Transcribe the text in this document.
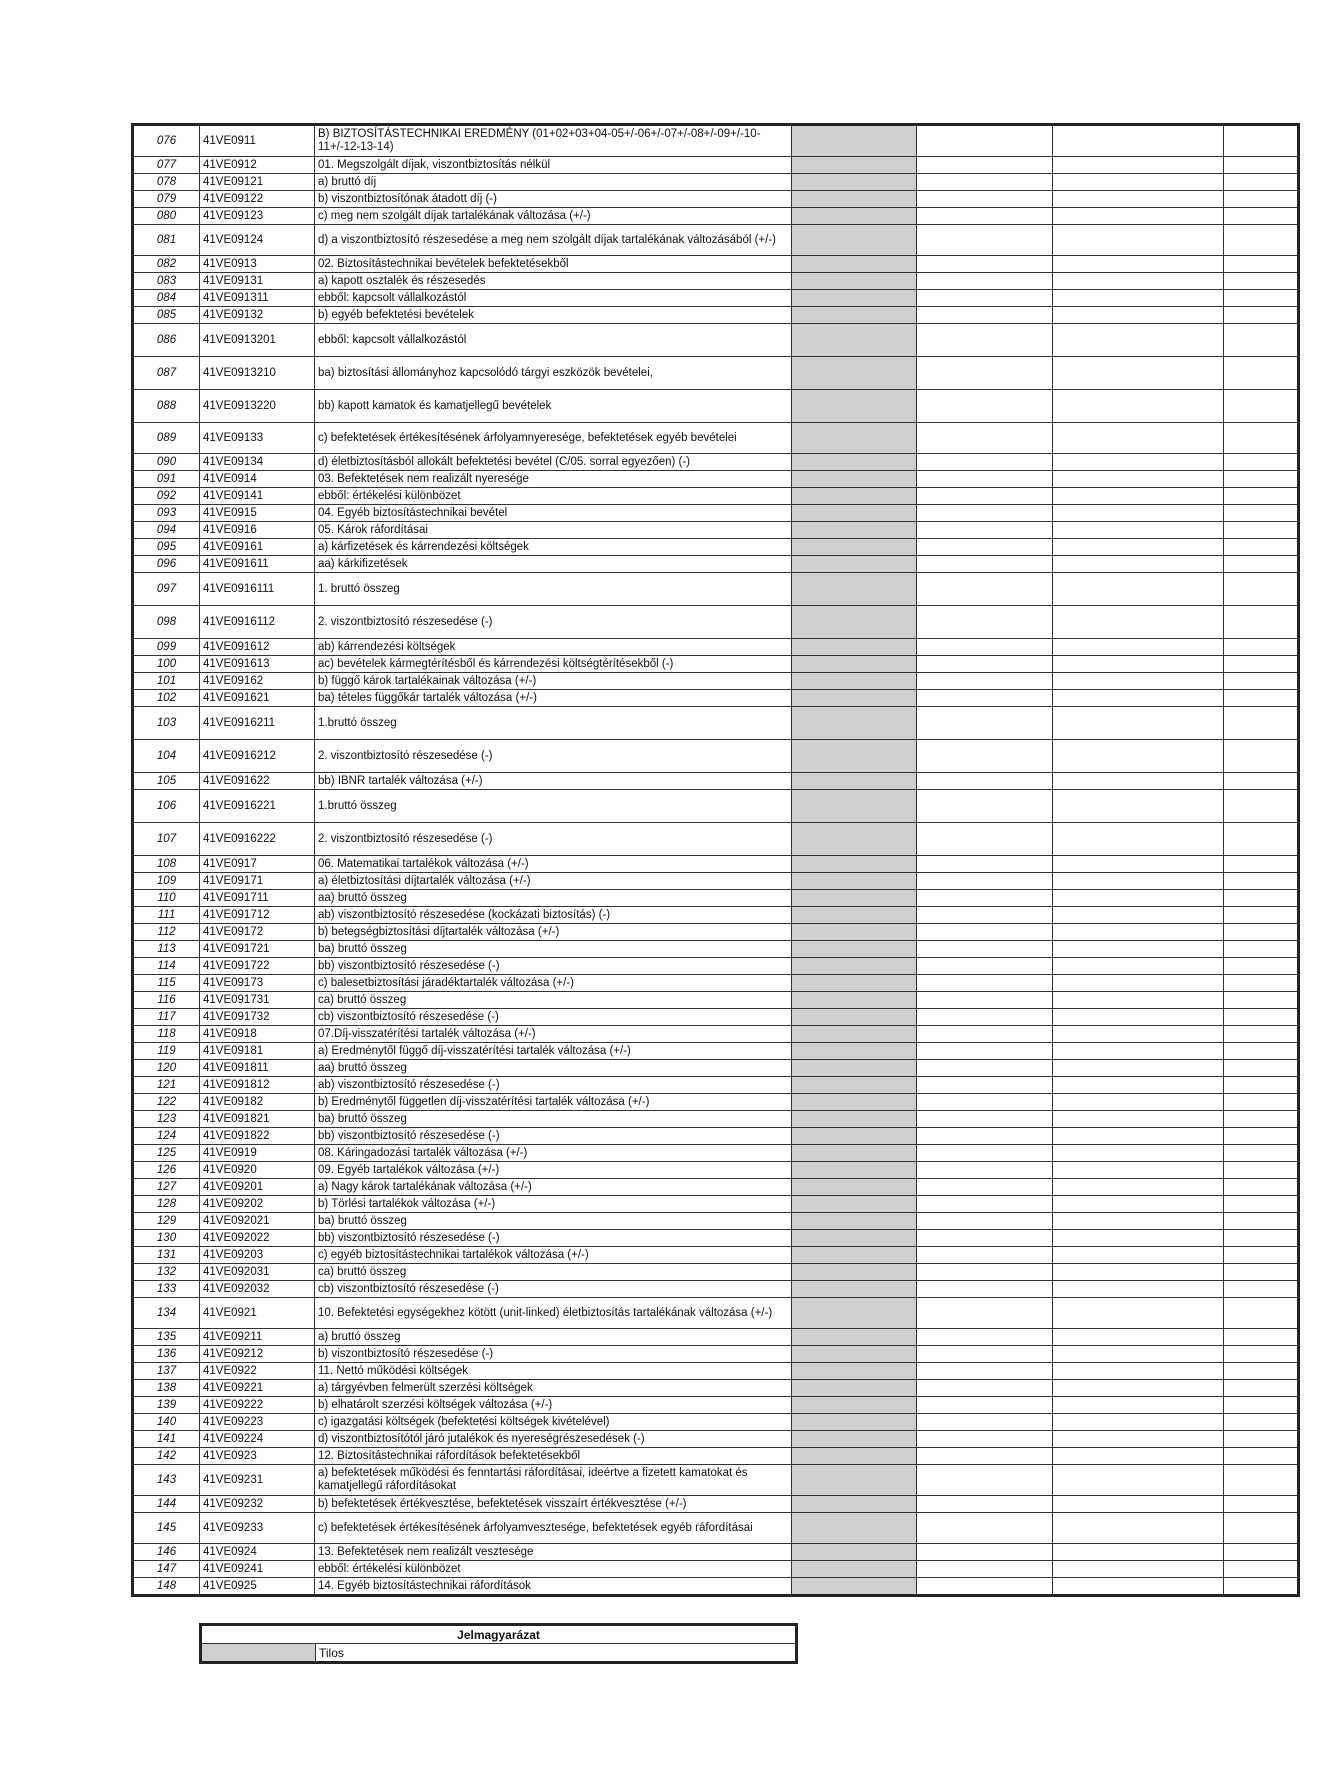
076	41VE0911	B) BIZTOSÍTÁSTECHNIKAI EREDMÉNY (01+02+03+04-05+/-06+/-07+/-08+/-09+/-10-11+/-12-13-14)				
077	41VE0912	01. Megszolgált díjak, viszontbiztosítás nélkül				
078	41VE09121	a) bruttó díj				
079	41VE09122	b) viszontbiztosítónak átadott díj (-)				
080	41VE09123	c) meg nem szolgált díjak tartalékának változása (+/-)				
081	41VE09124	d) a viszontbiztosító részesedése a meg nem szolgált díjak tartalékának változásából (+/-)				
082	41VE0913	02. Biztosítástechnikai bevételek befektetésekből				
083	41VE09131	a) kapott osztalék és részesedés				
084	41VE091311	ebből: kapcsolt vállalkozástól				
085	41VE09132	b) egyéb befektetési bevételek				
086	41VE0913201	ebből: kapcsolt vállalkozástól				
087	41VE0913210	ba) biztosítási állományhoz kapcsolódó tárgyi eszközök bevételei,				
088	41VE0913220	bb) kapott kamatok és kamatjellegű bevételek				
089	41VE09133	c) befektetések értékesítésének árfolyamnyeresége, befektetések egyéb bevételei				
090	41VE09134	d) életbiztosításból allokált befektetési bevétel (C/05. sorral egyezően) (-)				
091	41VE0914	03. Befektetések nem realizált nyeresége				
092	41VE09141	ebből: értékelési különbözet				
093	41VE0915	04. Egyéb biztosítástechnikai bevétel				
094	41VE0916	05. Károk ráfordításai				
095	41VE09161	a) kárfizetések és kárrendezési költségek				
096	41VE091611	aa) kárkifizetések				
097	41VE0916111	1. bruttó összeg				
098	41VE0916112	2. viszontbiztosító részesedése (-)				
099	41VE091612	ab) kárrendezési költségek				
100	41VE091613	ac) bevételek kármegtérítésből és kárrendezési költségtérítésekből (-)				
101	41VE09162	b) függő károk tartalékainak változása (+/-)				
102	41VE091621	ba) tételes függőkár tartalék változása (+/-)				
103	41VE0916211	1.bruttó összeg				
104	41VE0916212	2. viszontbiztosító részesedése (-)				
105	41VE091622	bb) IBNR tartalék változása (+/-)				
106	41VE0916221	1.bruttó összeg				
107	41VE0916222	2. viszontbiztosító részesedése (-)				
108	41VE0917	06. Matematikai tartalékok változása (+/-)				
109	41VE09171	a) életbiztosítási díjtartalék változása (+/-)				
110	41VE091711	aa) bruttó összeg				
111	41VE091712	ab) viszontbiztosító részesedése (kockázati biztosítás) (-)				
112	41VE09172	b) betegségbiztosítási díjtartalék változása (+/-)				
113	41VE091721	ba) bruttó összeg				
114	41VE091722	bb) viszontbiztosító részesedése (-)				
115	41VE09173	c) balesetbiztosítási járadéktartalék változása (+/-)				
116	41VE091731	ca) bruttó összeg				
117	41VE091732	cb) viszontbiztosító részesedése (-)				
118	41VE0918	07.Díj-visszatérítési tartalék változása (+/-)				
119	41VE09181	a) Eredménytől függő díj-visszatérítési tartalék változása (+/-)				
120	41VE091811	aa) bruttó összeg				
121	41VE091812	ab) viszontbiztosító részesedése (-)				
122	41VE09182	b) Eredménytől független díj-visszatérítési tartalék változása (+/-)				
123	41VE091821	ba) bruttó összeg				
124	41VE091822	bb) viszontbiztosító részesedése (-)				
125	41VE0919	08. Káringadozási tartalék változása (+/-)				
126	41VE0920	09. Egyéb tartalékok változása (+/-)				
127	41VE09201	a) Nagy károk tartalékának változása (+/-)				
128	41VE09202	b) Törlési tartalékok változása (+/-)				
129	41VE092021	ba) bruttó összeg				
130	41VE092022	bb) viszontbiztosító részesedése (-)				
131	41VE09203	c) egyéb biztosítástechnikai tartalékok változása (+/-)				
132	41VE092031	ca) bruttó összeg				
133	41VE092032	cb) viszontbiztosító részesedése (-)				
134	41VE0921	10. Befektetési egységekhez kötött (unit-linked) életbiztosítás tartalékának változása (+/-)				
135	41VE09211	a) bruttó összeg				
136	41VE09212	b) viszontbiztosító részesedése (-)				
137	41VE0922	11. Nettó működési költségek				
138	41VE09221	a) tárgyévben felmerült szerzési költségek				
139	41VE09222	b) elhatárolt szerzési költségek változása (+/-)				
140	41VE09223	c) igazgatási költségek (befektetési költségek kivételével)				
141	41VE09224	d) viszontbiztosítótól járó jutalékok és nyereségrészesedések (-)				
142	41VE0923	12. Biztosítástechnikai ráfordítások befektetésekből				
143	41VE09231	a) befektetések működési és fenntartási ráfordításai, ideértve a fizetett kamatokat és kamatjellegű ráfordításokat				
144	41VE09232	b) befektetések értékvesztése, befektetések visszaírt értékvesztése (+/-)				
145	41VE09233	c) befektetések értékesítésének árfolyamvesztesége, befektetések egyéb ráfordításai				
146	41VE0924	13. Befektetések nem realizált vesztesége				
147	41VE09241	ebből: értékelési különbözet				
148	41VE0925	14. Egyéb biztosítástechnikai ráfordítások				
Jelmagyarázat
	Tilos
